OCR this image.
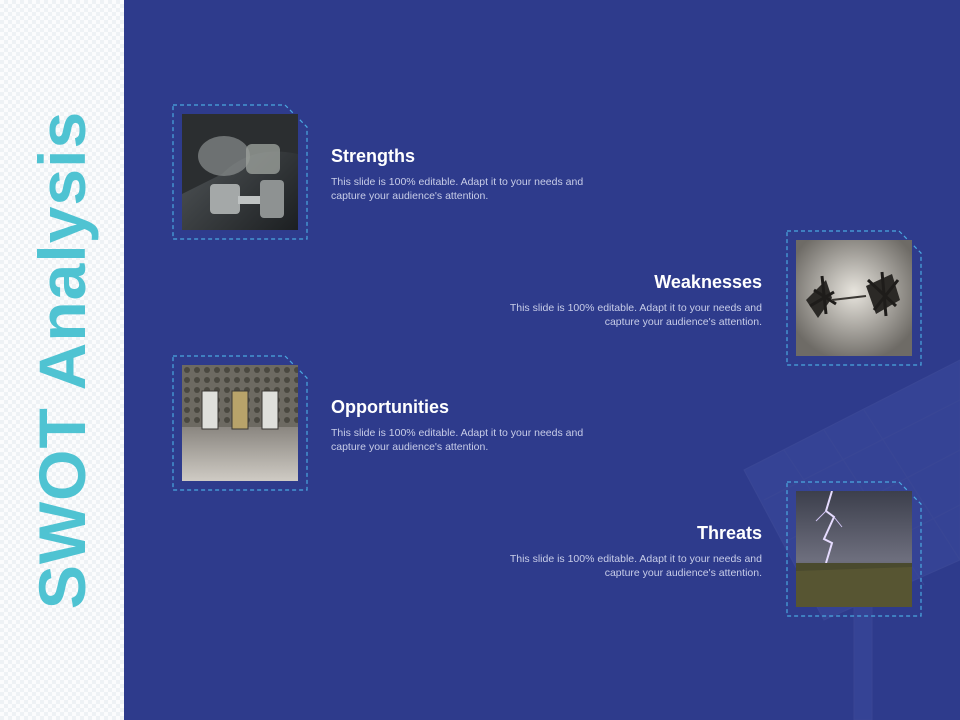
SWOT Analysis	Strengths

This slide is 100% editable. Adapt it to your needs and capture your audience's attention.

Weaknesses

This slide is 100% editable. Adapt it to your needs and capture your audience's attention.

Opportunities

This slide is 100% editable. Adapt it to your needs and capture your audience's attention.

Threats

This slide is 100% editable. Adapt it to your needs and capture your audience's attention.
